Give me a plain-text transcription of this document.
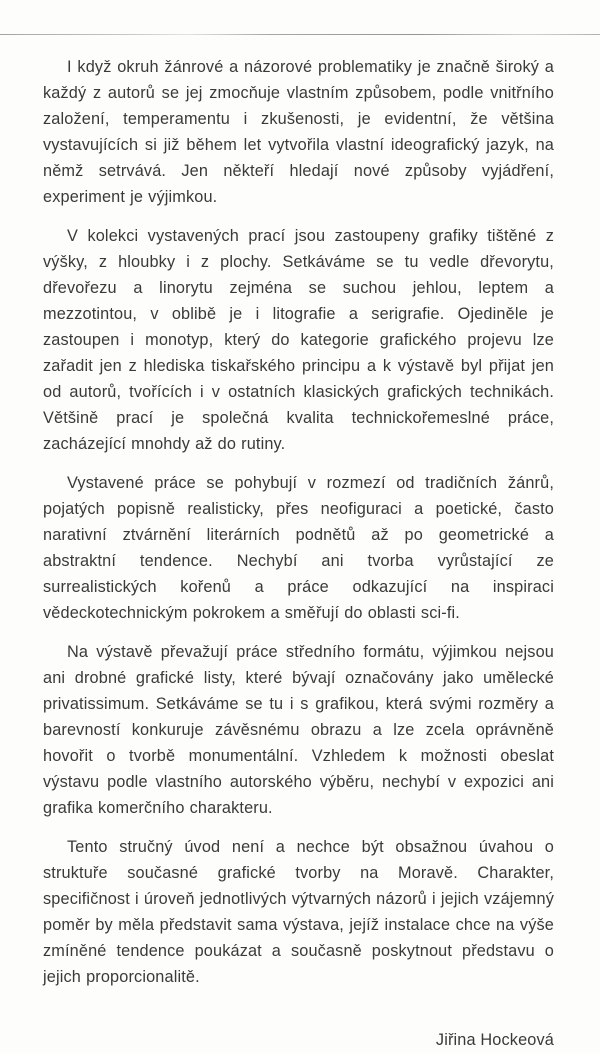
I když okruh žánrové a názorové problematiky je značně široký a každý z autorů se jej zmocňuje vlastním způsobem, podle vnitřního založení, temperamentu i zkušenosti, je evidentní, že většina vystavujících si již během let vytvořila vlastní ideografický jazyk, na němž setrvává. Jen někteří hledají nové způsoby vyjádření, experiment je výjimkou.

V kolekci vystavených prací jsou zastoupeny grafiky tištěné z výšky, z hloubky i z plochy. Setkáváme se tu vedle dřevorytu, dřevořezu a linorytu zejména se suchou jehlou, leptem a mezzotintou, v oblibě je i litografie a serigrafie. Ojediněle je zastoupen i monotyp, který do kategorie grafického projevu lze zařadit jen z hlediska tiskařského principu a k výstavě byl přijat jen od autorů, tvořících i v ostatních klasických grafických technikách. Většině prací je společná kvalita technickořemeslné práce, zacházející mnohdy až do rutiny.

Vystavené práce se pohybují v rozmezí od tradičních žánrů, pojatých popisně realisticky, přes neofiguraci a poetické, často narativní ztvárnění literárních podnětů až po geometrické a abstraktní tendence. Nechybí ani tvorba vyrůstající ze surrealistických kořenů a práce odkazující na inspiraci vědeckotechnickým pokrokem a směřují do oblasti sci-fi.

Na výstavě převažují práce středního formátu, výjimkou nejsou ani drobné grafické listy, které bývají označovány jako umělecké privatissimum. Setkáváme se tu i s grafikou, která svými rozměry a barevností konkuruje závěsnému obrazu a lze zcela oprávněně hovořit o tvorbě monumentální. Vzhledem k možnosti obeslat výstavu podle vlastního autorského výběru, nechybí v expozici ani grafika komerčního charakteru.

Tento stručný úvod není a nechce být obsažnou úvahou o struktuře současné grafické tvorby na Moravě. Charakter, specifičnost i úroveň jednotlivých výtvarných názorů i jejich vzájemný poměr by měla představit sama výstava, jejíž instalace chce na výše zmíněné tendence poukázat a současně poskytnout představu o jejich proporcionalitě.

Jiřina Hockeová
